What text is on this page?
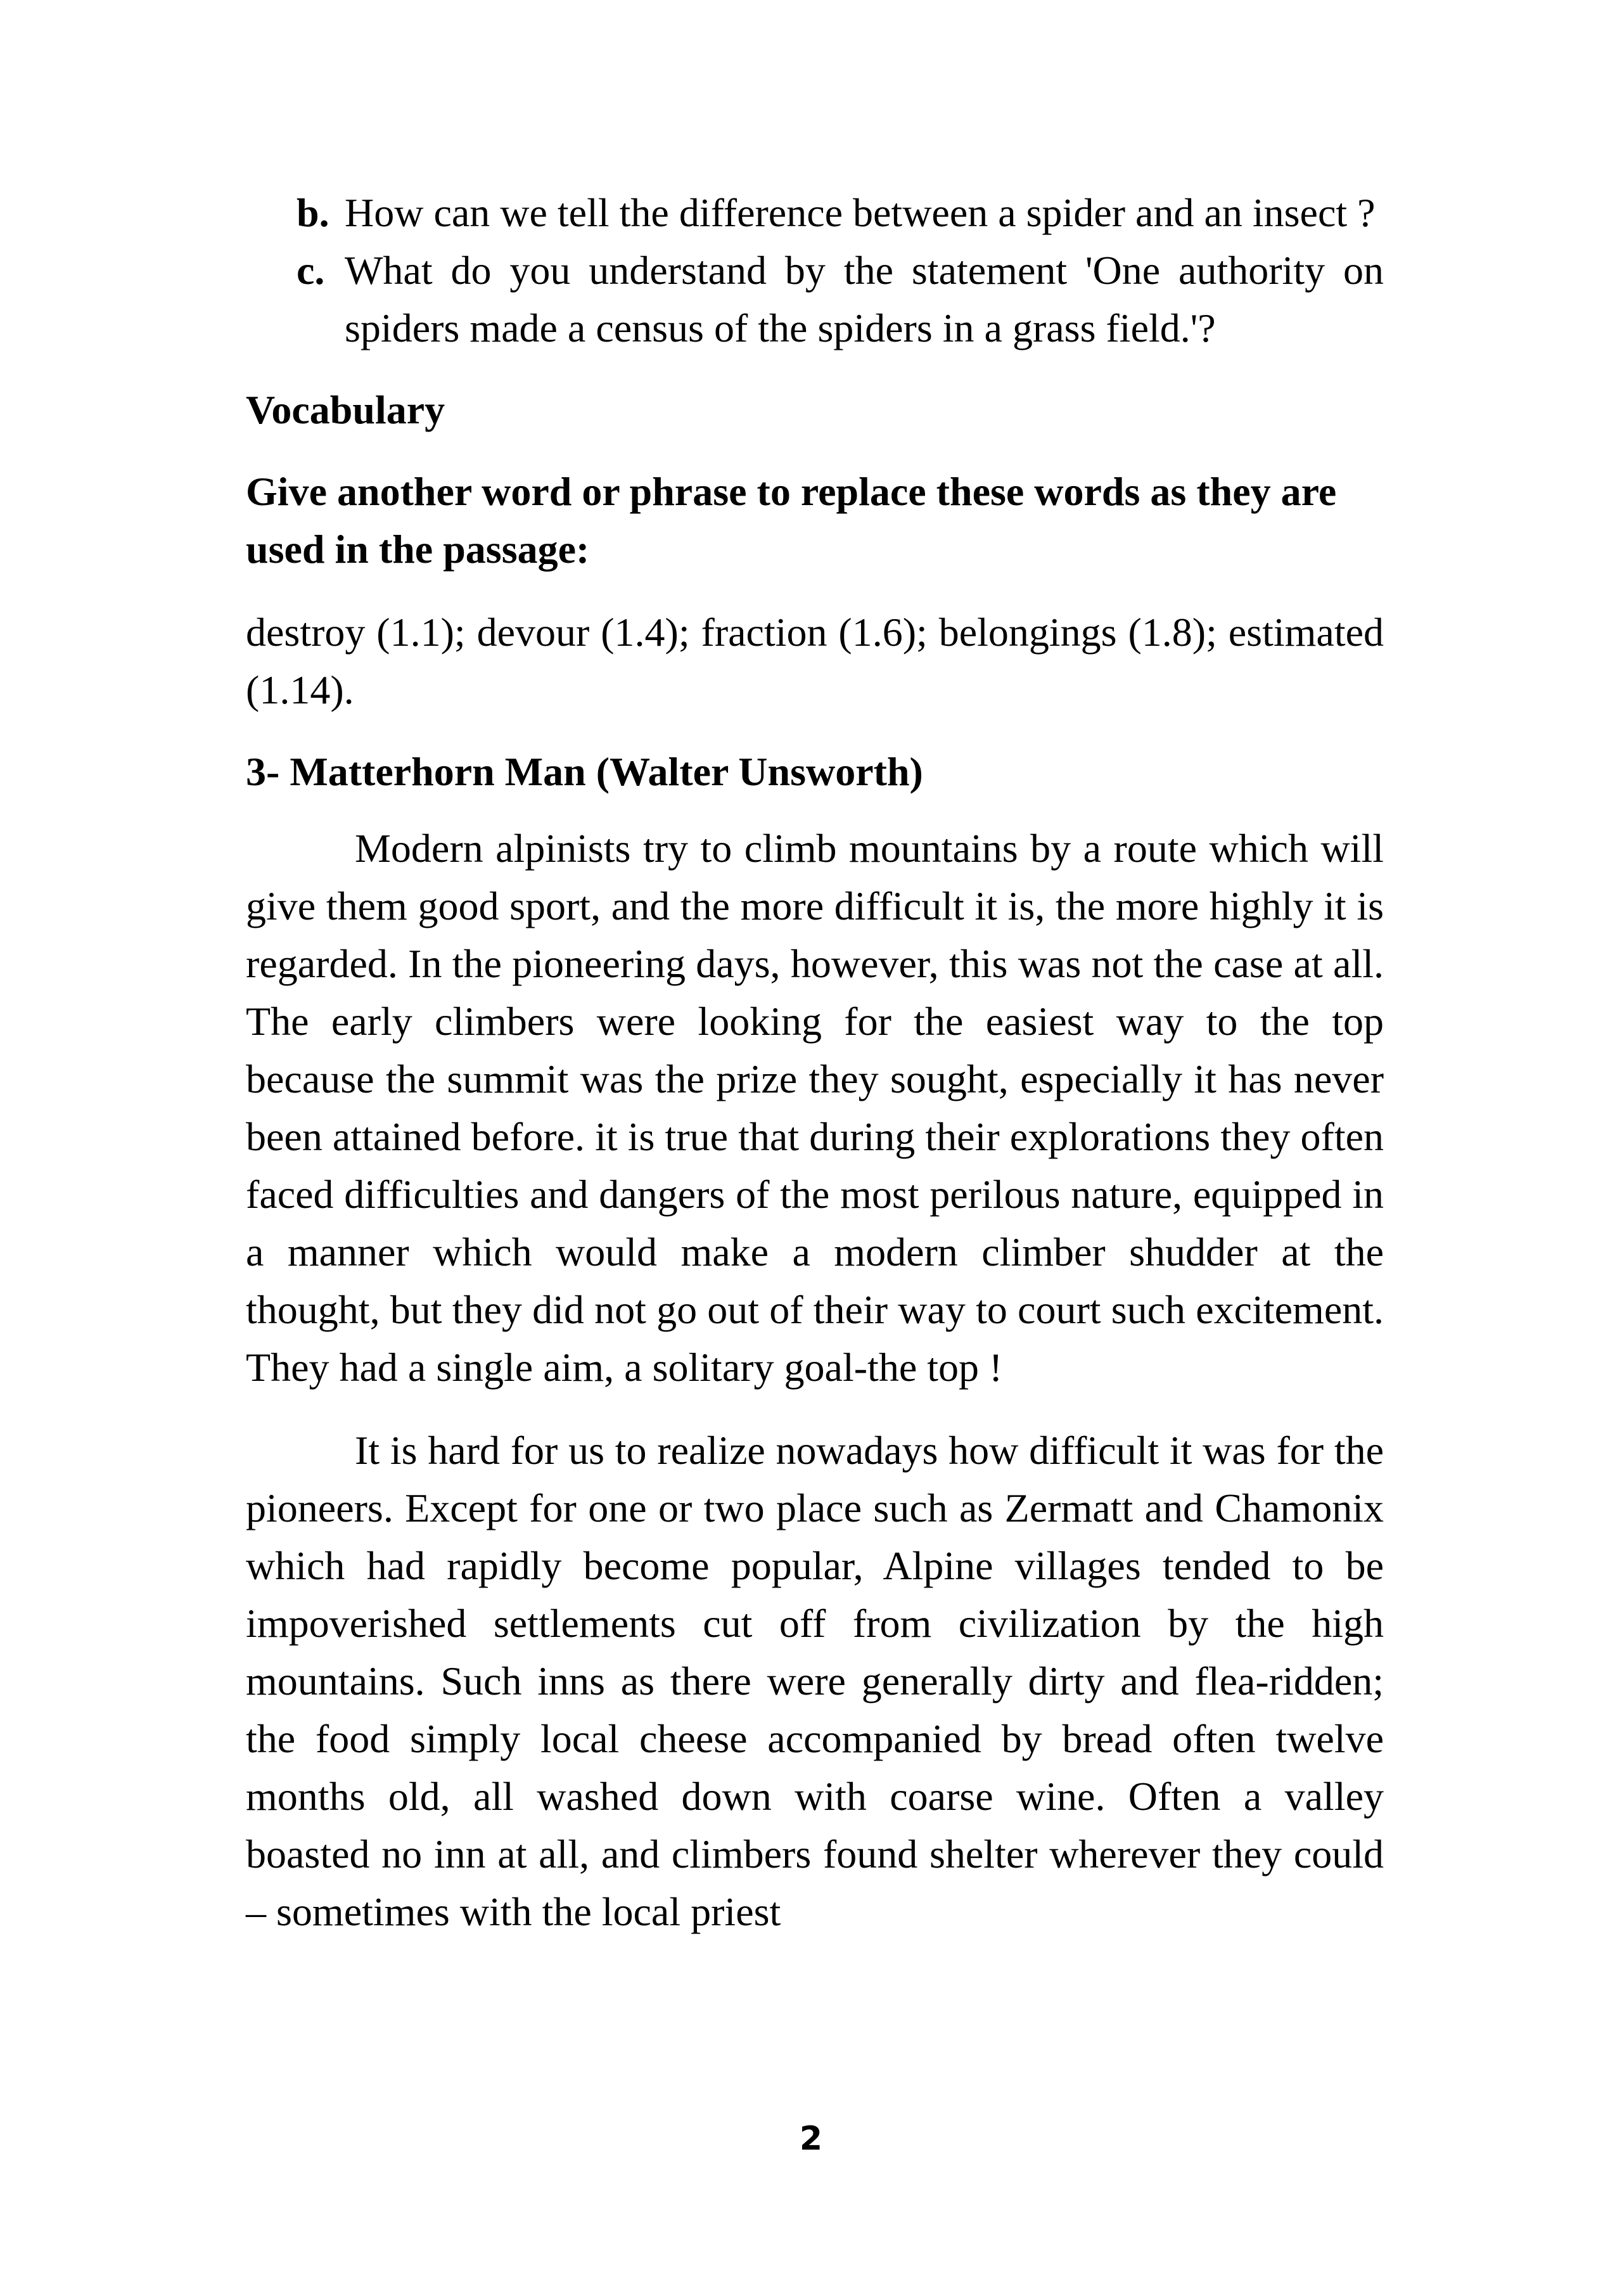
b. How can we tell the difference between a spider and an insect ?
c. What do you understand by the statement 'One authority on spiders made a census of the spiders in a grass field.'?

Vocabulary

Give another word or phrase to replace these words as they are used in the passage:

destroy (1.1); devour (1.4); fraction (1.6); belongings (1.8); estimated (1.14).

3- Matterhorn Man (Walter Unsworth)

Modern alpinists try to climb mountains by a route which will give them good sport, and the more difficult it is, the more highly it is regarded. In the pioneering days, however, this was not the case at all. The early climbers were looking for the easiest way to the top because the summit was the prize they sought, especially it has never been attained before. it is true that during their explorations they often faced difficulties and dangers of the most perilous nature, equipped in a manner which would make a modern climber shudder at the thought, but they did not go out of their way to court such excitement. They had a single aim, a solitary goal-the top !

It is hard for us to realize nowadays how difficult it was for the pioneers. Except for one or two place such as Zermatt and Chamonix which had rapidly become popular, Alpine villages tended to be impoverished settlements cut off from civilization by the high mountains. Such inns as there were generally dirty and flea-ridden; the food simply local cheese accompanied by bread often twelve months old, all washed down with coarse wine. Often a valley boasted no inn at all, and climbers found shelter wherever they could – sometimes with the local priest

2
